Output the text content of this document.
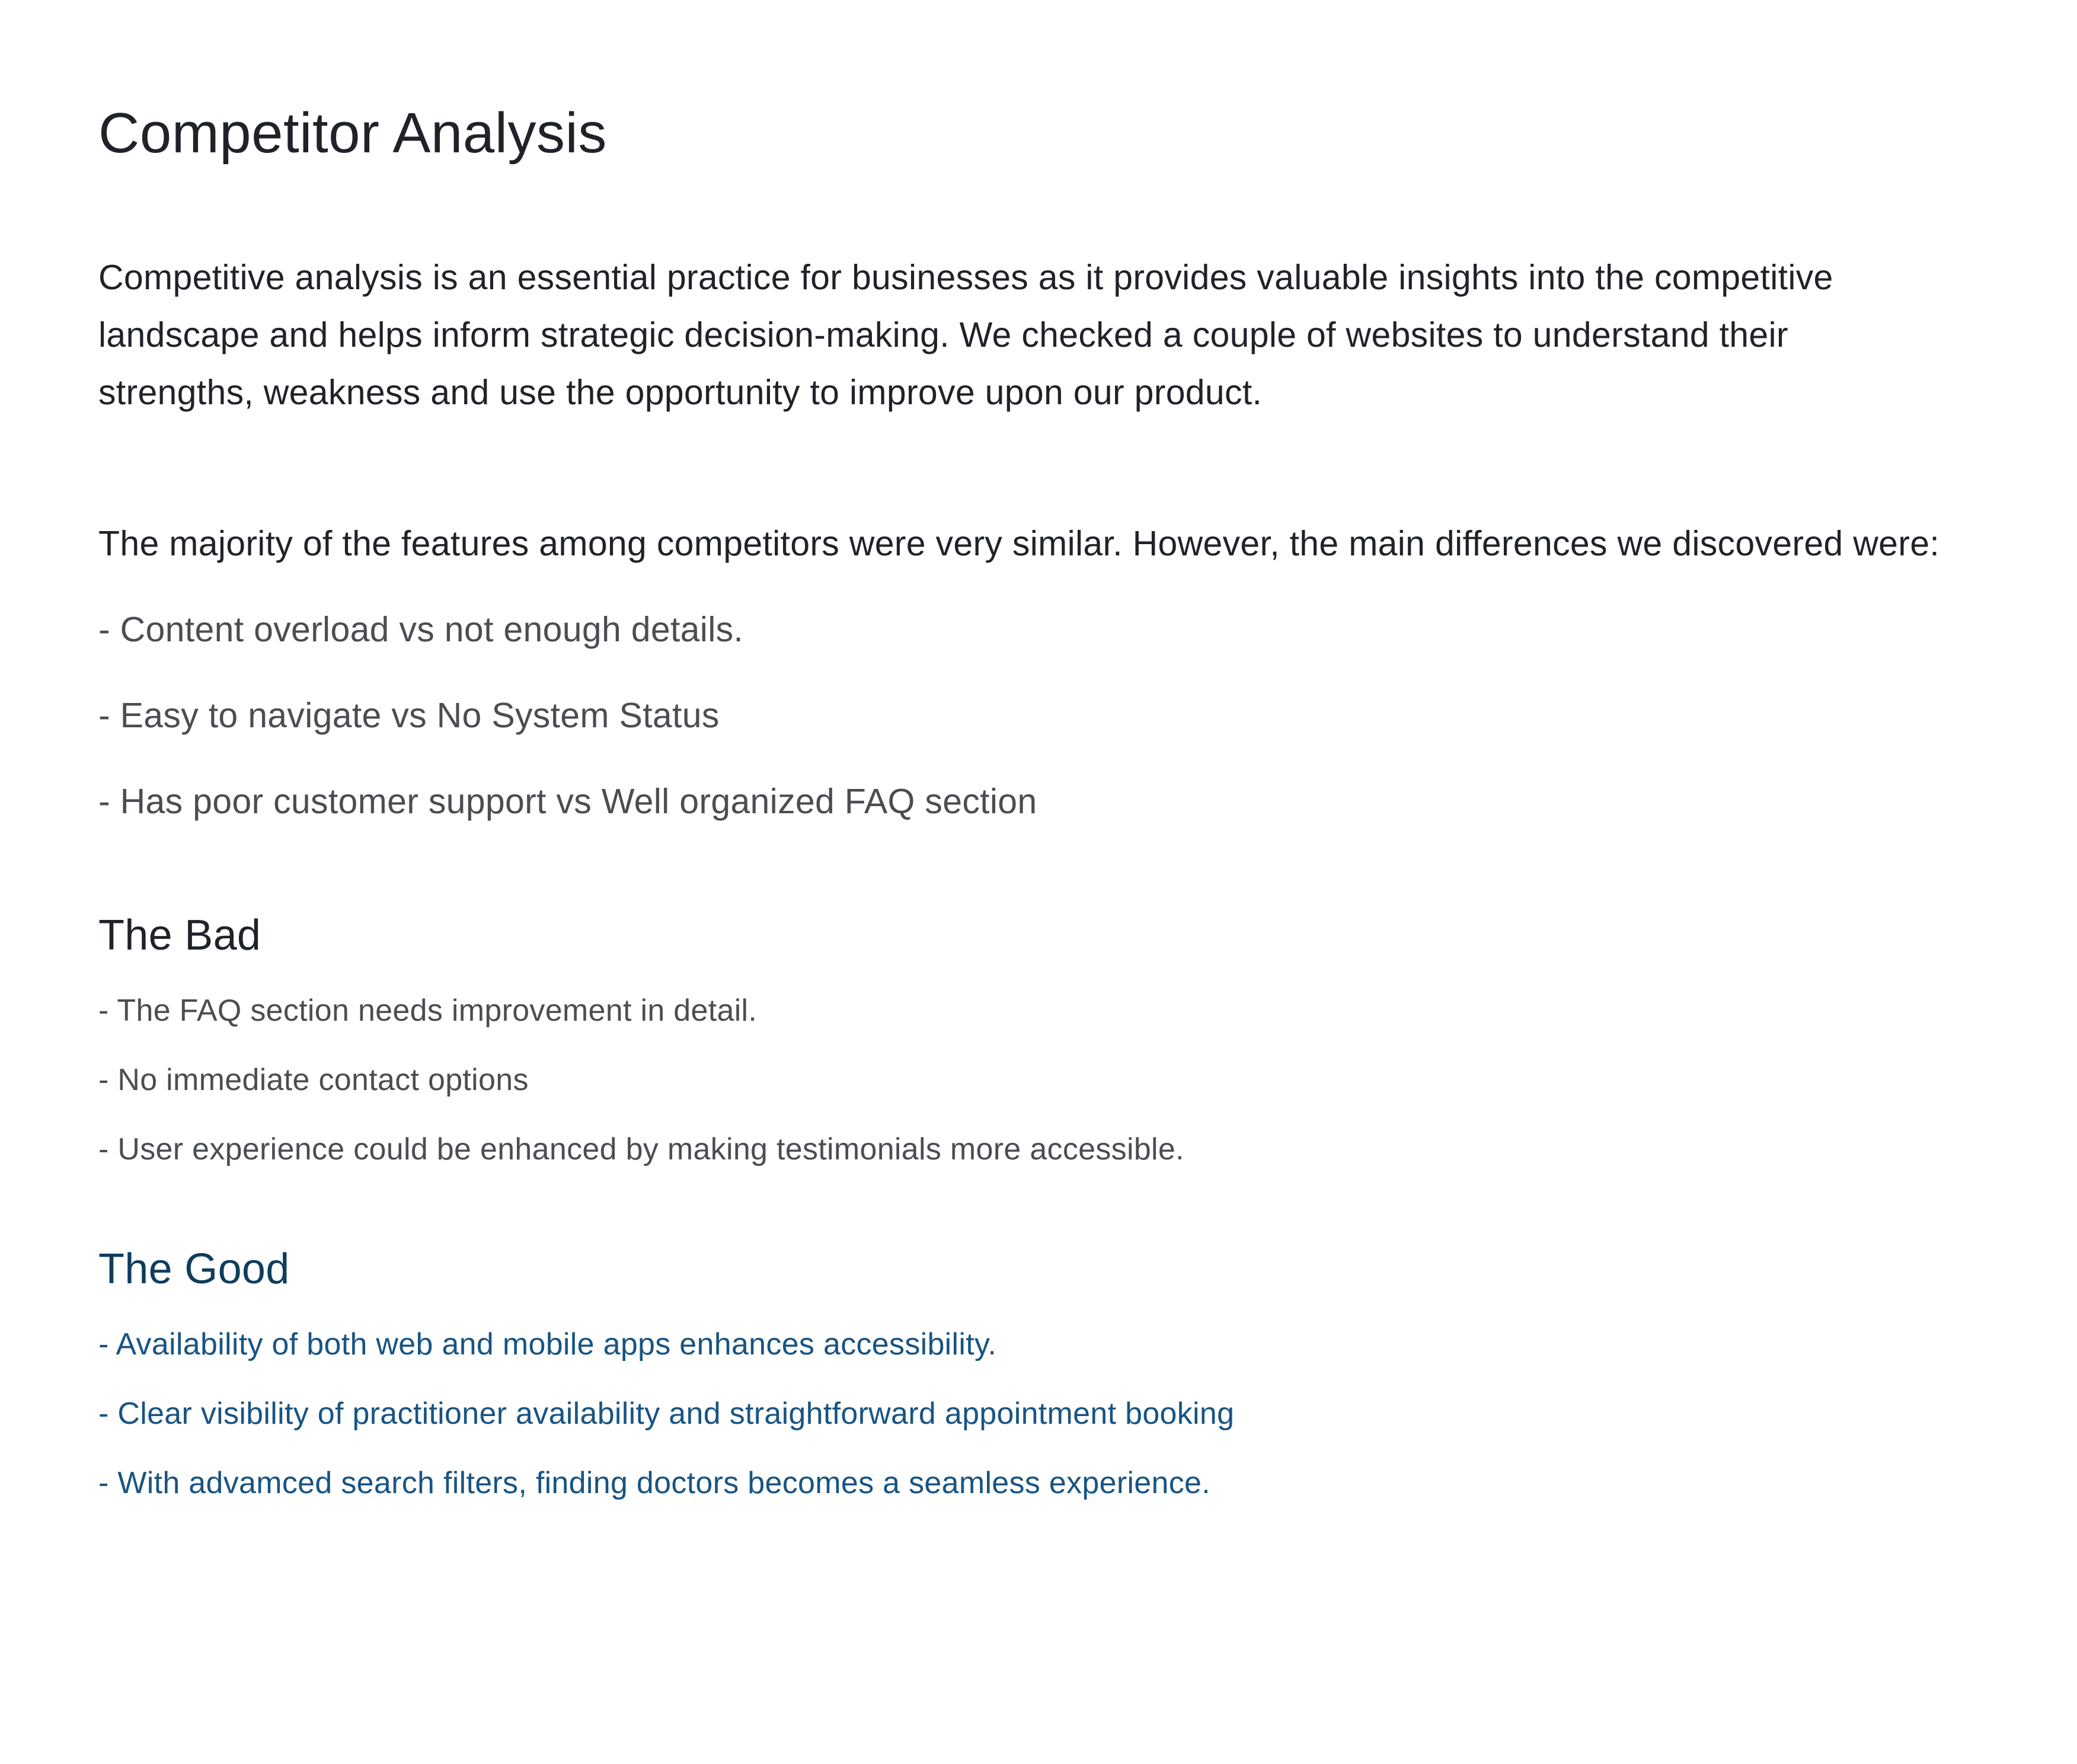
Competitor Analysis

Competitive analysis is an essential practice for businesses as it provides valuable insights into the competitive landscape and helps inform strategic decision-making. We checked a couple of websites to understand their strengths, weakness and use the opportunity to improve upon our product.

The majority of the features among competitors were very similar. However, the main differences we discovered were:

- Content overload vs not enough details.
- Easy to navigate vs No System Status
- Has poor customer support vs Well organized FAQ section
The Bad
- The FAQ section needs improvement in detail.
- No immediate contact options
- User experience could be enhanced by making testimonials more accessible.
The Good
- Availability of both web and mobile apps enhances accessibility.
- Clear visibility of practitioner availability and straightforward appointment booking
- With advamced search filters, finding doctors becomes a seamless experience.
